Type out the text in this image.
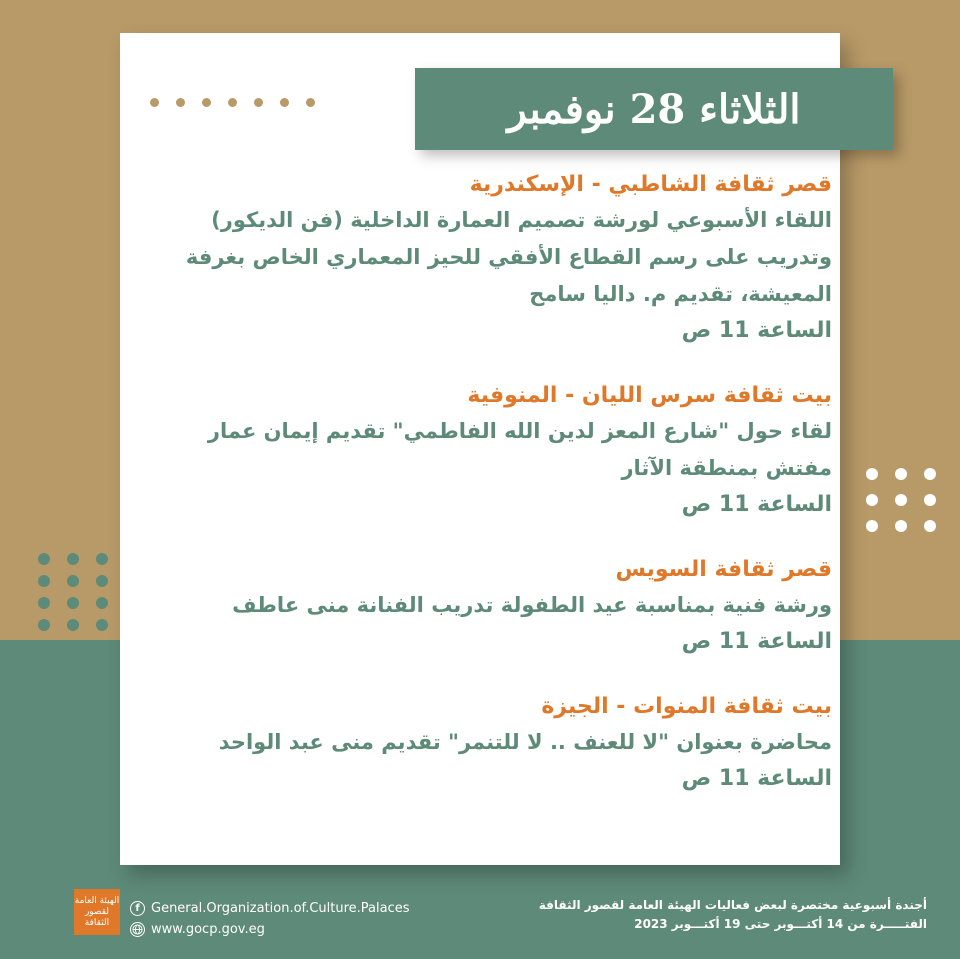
الثلاثاء 28 نوفمبر
قصر ثقافة الشاطبي - الإسكندرية
اللقاء الأسبوعي لورشة تصميم العمارة الداخلية (فن الديكور) وتدريب على رسم القطاع الأفقي للحيز المعماري الخاص بغرفة المعيشة، تقديم م. داليا سامح
الساعة 11 ص
بيت ثقافة سرس الليان - المنوفية
لقاء حول "شارع المعز لدين الله الفاطمي" تقديم إيمان عمار مفتش بمنطقة الآثار
الساعة 11 ص
قصر ثقافة السويس
ورشة فنية بمناسبة عيد الطفولة تدريب الفنانة منى عاطف
الساعة 11 ص
بيت ثقافة المنوات - الجيزة
محاضرة بعنوان "لا للعنف .. لا للتنمر" تقديم منى عبد الواحد
الساعة 11 ص
الهيئة العامة لقصور الثقافة
f General.Organization.of.Culture.Palaces
www.gocp.gov.eg
أجندة أسبوعية مختصرة لبعض فعاليات الهيئة العامة لقصور الثقافة
الفتـــــرة من 14 أكتـــوبر حتى 19 أكتـــوبر 2023
